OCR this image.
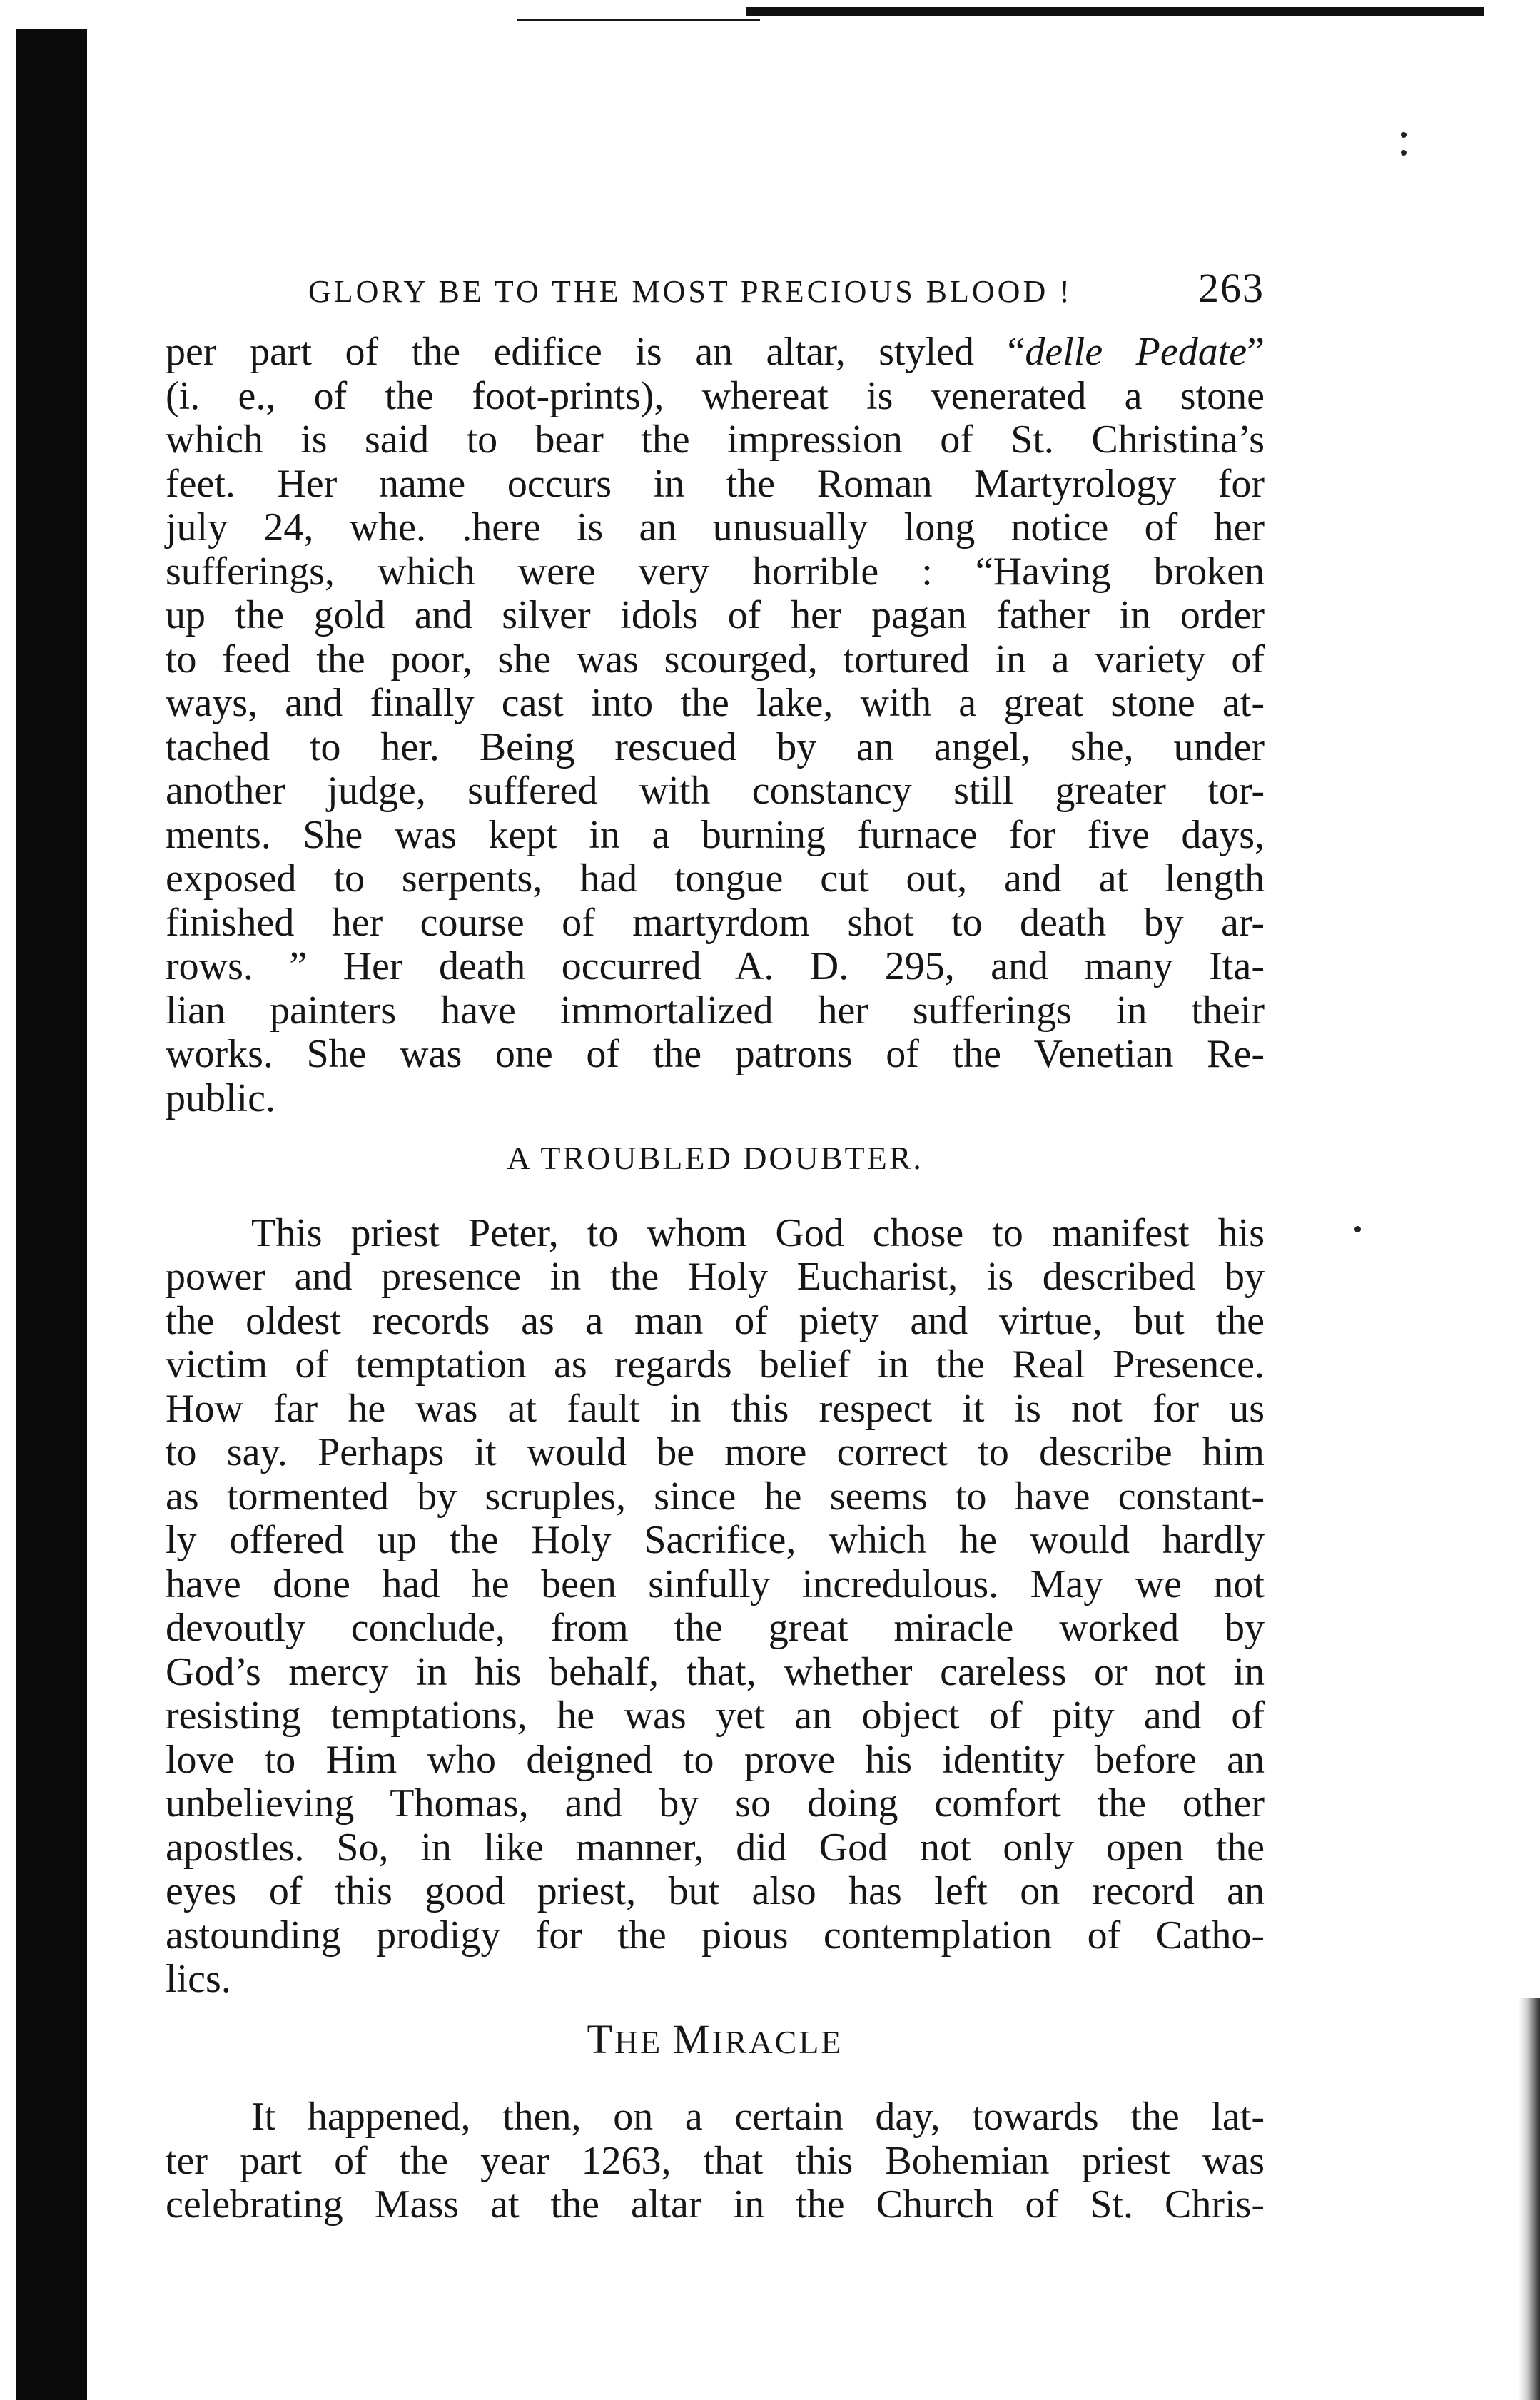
GLORY BE TO THE MOST PRECIOUS BLOOD !	263
per part of the edifice is an altar, styled “delle Pedate”
(i. e., of the foot-prints), whereat is venerated a stone
which is said to bear the impression of St. Christina’s
feet. Her name occurs in the Roman Martyrology for
july 24, whe. .here is an unusually long notice of her
sufferings, which were very horrible : “Having broken
up the gold and silver idols of her pagan father in order
to feed the poor, she was scourged, tortured in a variety of
ways, and finally cast into the lake, with a great stone at-
tached to her. Being rescued by an angel, she, under
another judge, suffered with constancy still greater tor-
ments. She was kept in a burning furnace for five days,
exposed to serpents, had tongue cut out, and at length
finished her course of martyrdom shot to death by ar-
rows. ” Her death occurred A. D. 295, and many Ita-
lian painters have immortalized her sufferings in their
works. She was one of the patrons of the Venetian Re-
public.
A TROUBLED DOUBTER.
This priest Peter, to whom God chose to manifest his
power and presence in the Holy Eucharist, is described by
the oldest records as a man of piety and virtue, but the
victim of temptation as regards belief in the Real Presence.
How far he was at fault in this respect it is not for us
to say. Perhaps it would be more correct to describe him
as tormented by scruples, since he seems to have constant-
ly offered up the Holy Sacrifice, which he would hardly
have done had he been sinfully incredulous. May we not
devoutly conclude, from the great miracle worked by
God’s mercy in his behalf, that, whether careless or not in
resisting temptations, he was yet an object of pity and of
love to Him who deigned to prove his identity before an
unbelieving Thomas, and by so doing comfort the other
apostles. So, in like manner, did God not only open the
eyes of this good priest, but also has left on record an
astounding prodigy for the pious contemplation of Catho-
lics.
THE MIRACLE
It happened, then, on a certain day, towards the lat-
ter part of the year 1263, that this Bohemian priest was
celebrating Mass at the altar in the Church of St. Chris-
